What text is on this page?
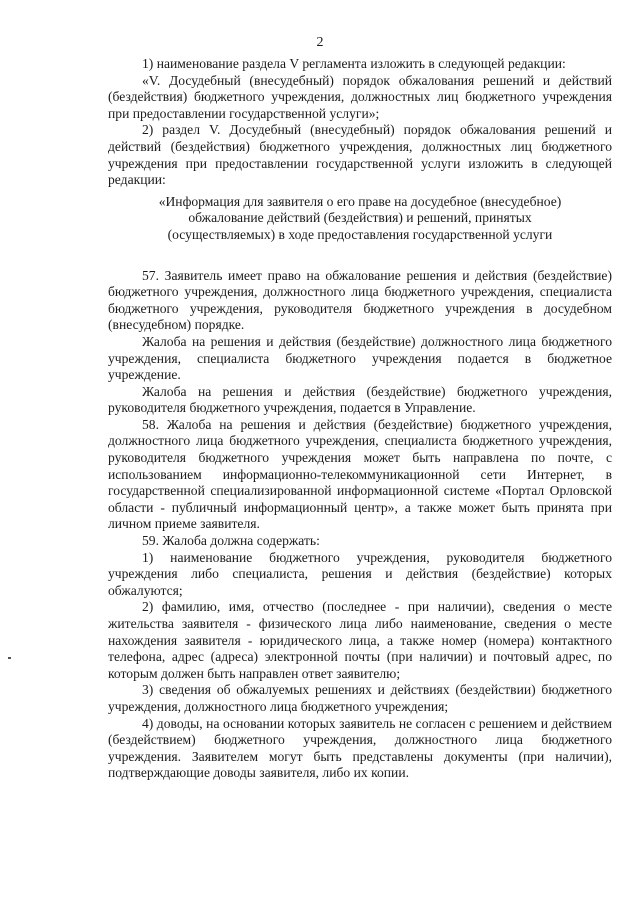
2

1) наименование раздела V регламента изложить в следующей редакции:

«V. Досудебный (внесудебный) порядок обжалования решений и действий (бездействия) бюджетного учреждения, должностных лиц бюджетного учреждения при предоставлении государственной услуги»;

2) раздел V. Досудебный (внесудебный) порядок обжалования решений и действий (бездействия) бюджетного учреждения, должностных лиц бюджетного учреждения при предоставлении государственной услуги изложить в следующей редакции:

«Информация для заявителя о его праве на досудебное (внесудебное)

обжалование действий (бездействия) и решений, принятых

(осуществляемых) в ходе предоставления государственной услуги

57. Заявитель имеет право на обжалование решения и действия (бездействие) бюджетного учреждения, должностного лица бюджетного учреждения, специалиста бюджетного учреждения, руководителя бюджетного учреждения в досудебном (внесудебном) порядке.

Жалоба на решения и действия (бездействие) должностного лица бюджетного учреждения, специалиста бюджетного учреждения подается в бюджетное учреждение.

Жалоба на решения и действия (бездействие) бюджетного учреждения, руководителя бюджетного учреждения, подается в Управление.

58. Жалоба на решения и действия (бездействие) бюджетного учреждения, должностного лица бюджетного учреждения, специалиста бюджетного учреждения, руководителя бюджетного учреждения может быть направлена по почте, с использованием информационно-телекоммуникационной сети Интернет, в государственной специализированной информационной системе «Портал Орловской области - публичный информационный центр», а также может быть принята при личном приеме заявителя.

59. Жалоба должна содержать:

1) наименование бюджетного учреждения, руководителя бюджетного учреждения либо специалиста, решения и действия (бездействие) которых обжалуются;

2) фамилию, имя, отчество (последнее - при наличии), сведения о месте жительства заявителя - физического лица либо наименование, сведения о месте нахождения заявителя - юридического лица, а также номер (номера) контактного телефона, адрес (адреса) электронной почты (при наличии) и почтовый адрес, по которым должен быть направлен ответ заявителю;

3) сведения об обжалуемых решениях и действиях (бездействии) бюджетного учреждения, должностного лица бюджетного учреждения;

4) доводы, на основании которых заявитель не согласен с решением и действием (бездействием) бюджетного учреждения, должностного лица бюджетного учреждения. Заявителем могут быть представлены документы (при наличии), подтверждающие доводы заявителя, либо их копии.
